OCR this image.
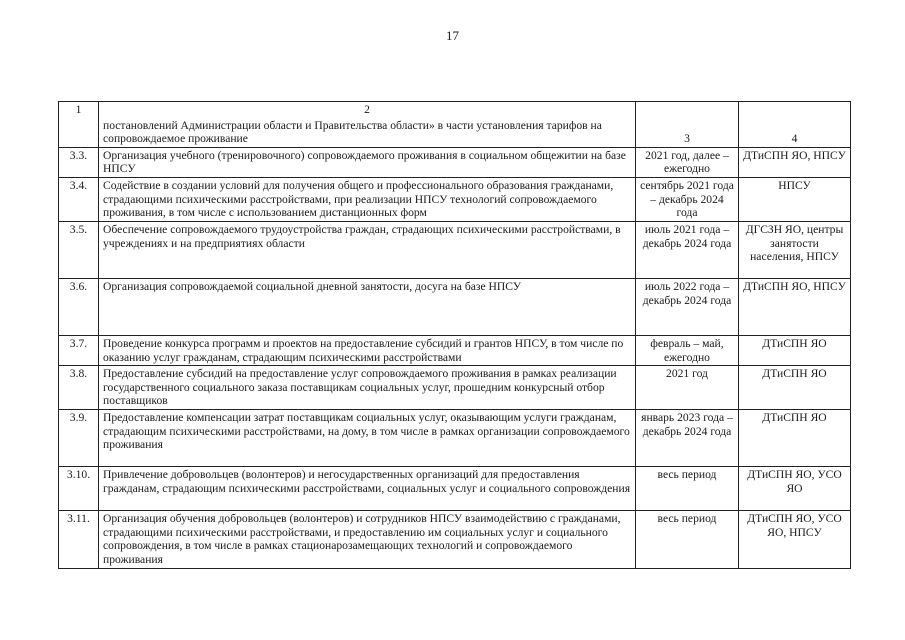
17
1	2	3	4
	постановлений Администрации области и Правительства области» в части установления тарифов на сопровождаемое проживание		
3.3.	Организация учебного (тренировочного) сопровождаемого проживания в социальном общежитии на базе НПСУ	2021 год, далее – ежегодно	ДТиСПН ЯО, НПСУ
3.4.	Содействие в создании условий для получения общего и профессионального образования гражданами, страдающими психическими расстройствами, при реализации НПСУ технологий сопровождаемого проживания, в том числе с использованием дистанционных форм	сентябрь 2021 года – декабрь 2024 года	НПСУ
3.5.	Обеспечение сопровождаемого трудоустройства граждан, страдающих психическими расстройствами, в учреждениях и на предприятиях области	июль 2021 года – декабрь 2024 года	ДГСЗН ЯО, центры занятости населения, НПСУ
3.6.	Организация сопровождаемой социальной дневной занятости, досуга на базе НПСУ	июль 2022 года – декабрь 2024 года	ДТиСПН ЯО, НПСУ
3.7.	Проведение конкурса программ и проектов на предоставление субсидий и грантов НПСУ, в том числе по оказанию услуг гражданам, страдающим психическими расстройствами	февраль – май, ежегодно	ДТиСПН ЯО
3.8.	Предоставление субсидий на предоставление услуг сопровождаемого проживания в рамках реализации государственного социального заказа поставщикам социальных услуг, прошедним конкурсный отбор поставщиков	2021 год	ДТиСПН ЯО
3.9.	Предоставление компенсации затрат поставщикам социальных услуг, оказывающим услуги гражданам, страдающим психическими расстройствами, на дому, в том числе в рамках организации сопровождаемого проживания	январь 2023 года – декабрь 2024 года	ДТиСПН ЯО
3.10.	Привлечение добровольцев (волонтеров) и негосударственных организаций для предоставления гражданам, страдающим психическими расстройствами, социальных услуг и социального сопровождения	весь период	ДТиСПН ЯО, УСО ЯО
3.11.	Организация обучения добровольцев (волонтеров) и сотрудников НПСУ взаимодействию с гражданами, страдающими психическими расстройствами, и предоставлению им социальных услуг и социального сопровождения, в том числе в рамках стационарозамещающих технологий и сопровождаемого проживания	весь период	ДТиСПН ЯО, УСО ЯО, НПСУ
